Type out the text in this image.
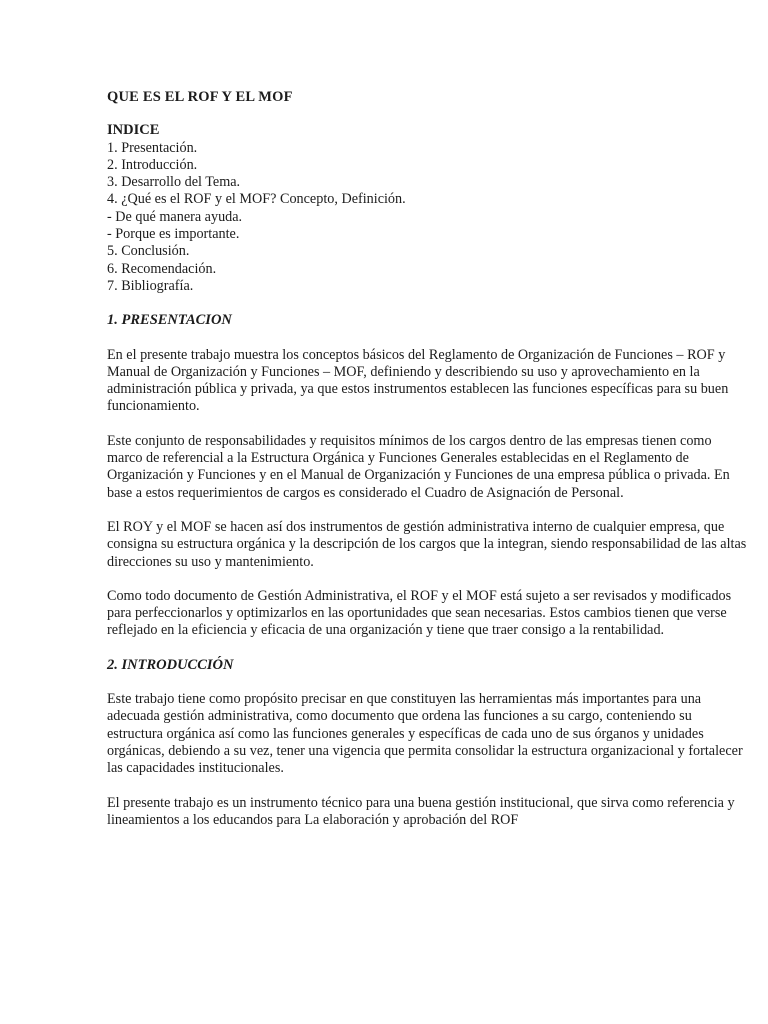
QUE ES EL ROF Y EL MOF
INDICE
1. Presentación.
2. Introducción.
3. Desarrollo del Tema.
4. ¿Qué es el ROF y el MOF? Concepto, Definición.
- De qué manera ayuda.
- Porque es importante.
5. Conclusión.
6. Recomendación.
7. Bibliografía.
1. PRESENTACION

En el presente trabajo muestra los conceptos básicos del Reglamento de Organización de Funciones – ROF y Manual de Organización y Funciones – MOF, definiendo y describiendo su uso y aprovechamiento en la administración pública y privada, ya que estos instrumentos establecen las funciones específicas para su buen funcionamiento.

Este conjunto de responsabilidades y requisitos mínimos de los cargos dentro de las empresas tienen como marco de referencial a la Estructura Orgánica y Funciones Generales establecidas en el Reglamento de Organización y Funciones y en el Manual de Organización y Funciones de una empresa pública o privada. En base a estos requerimientos de cargos es considerado el Cuadro de Asignación de Personal.

El ROY y el MOF se hacen así dos instrumentos de gestión administrativa interno de cualquier empresa, que consigna su estructura orgánica y la descripción de los cargos que la integran, siendo responsabilidad de las altas direcciones su uso y mantenimiento.

Como todo documento de Gestión Administrativa, el ROF y el MOF está sujeto a ser revisados y modificados para perfeccionarlos y optimizarlos en las oportunidades que sean necesarias. Estos cambios tienen que verse reflejado en la eficiencia y eficacia de una organización y tiene que traer consigo a la rentabilidad.

2. INTRODUCCIÓN

Este trabajo tiene como propósito precisar en que constituyen las herramientas más importantes para una adecuada gestión administrativa, como documento que ordena las funciones a su cargo, conteniendo su estructura orgánica así como las funciones generales y específicas de cada uno de sus órganos y unidades orgánicas, debiendo a su vez, tener una vigencia que permita consolidar la estructura organizacional y fortalecer las capacidades institucionales.

El presente trabajo es un instrumento técnico para una buena gestión institucional, que sirva como referencia y lineamientos a los educandos para La elaboración y aprobación del ROF
